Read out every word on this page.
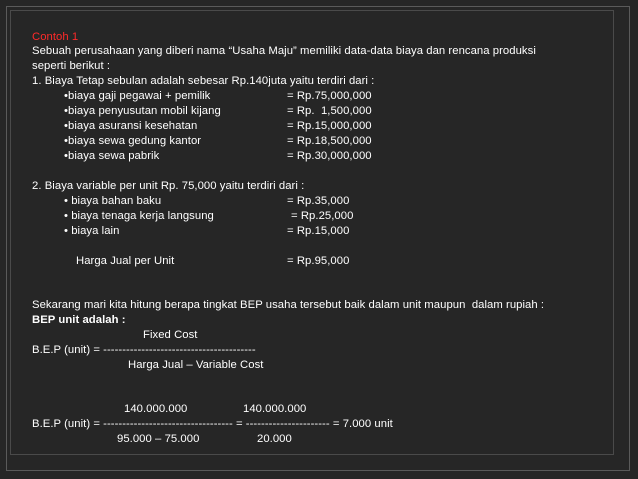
Contoh 1
Sebuah perusahaan yang diberi nama “Usaha Maju” memiliki data-data biaya dan rencana produksi
seperti berikut :
1. Biaya Tetap sebulan adalah sebesar Rp.140juta yaitu terdiri dari :
•biaya gaji pegawai + pemilik	= Rp.75,000,000
•biaya penyusutan mobil kijang	= Rp.  1,500,000
•biaya asuransi kesehatan	= Rp.15,000,000
•biaya sewa gedung kantor	= Rp.18,500,000
•biaya sewa pabrik	= Rp.30,000,000
2. Biaya variable per unit Rp. 75,000 yaitu terdiri dari :
• biaya bahan baku	= Rp.35,000
• biaya tenaga kerja langsung	= Rp.25,000
• biaya lain	= Rp.15,000
Harga Jual per Unit	= Rp.95,000
Sekarang mari kita hitung berapa tingkat BEP usaha tersebut baik dalam unit maupun  dalam rupiah :
BEP unit adalah :
Fixed Cost
B.E.P (unit) = ----------------------------------------
Harga Jual – Variable Cost
140.000.000	140.000.000
B.E.P (unit) = ---------------------------------- = ---------------------- = 7.000 unit
95.000 – 75.000	20.000
